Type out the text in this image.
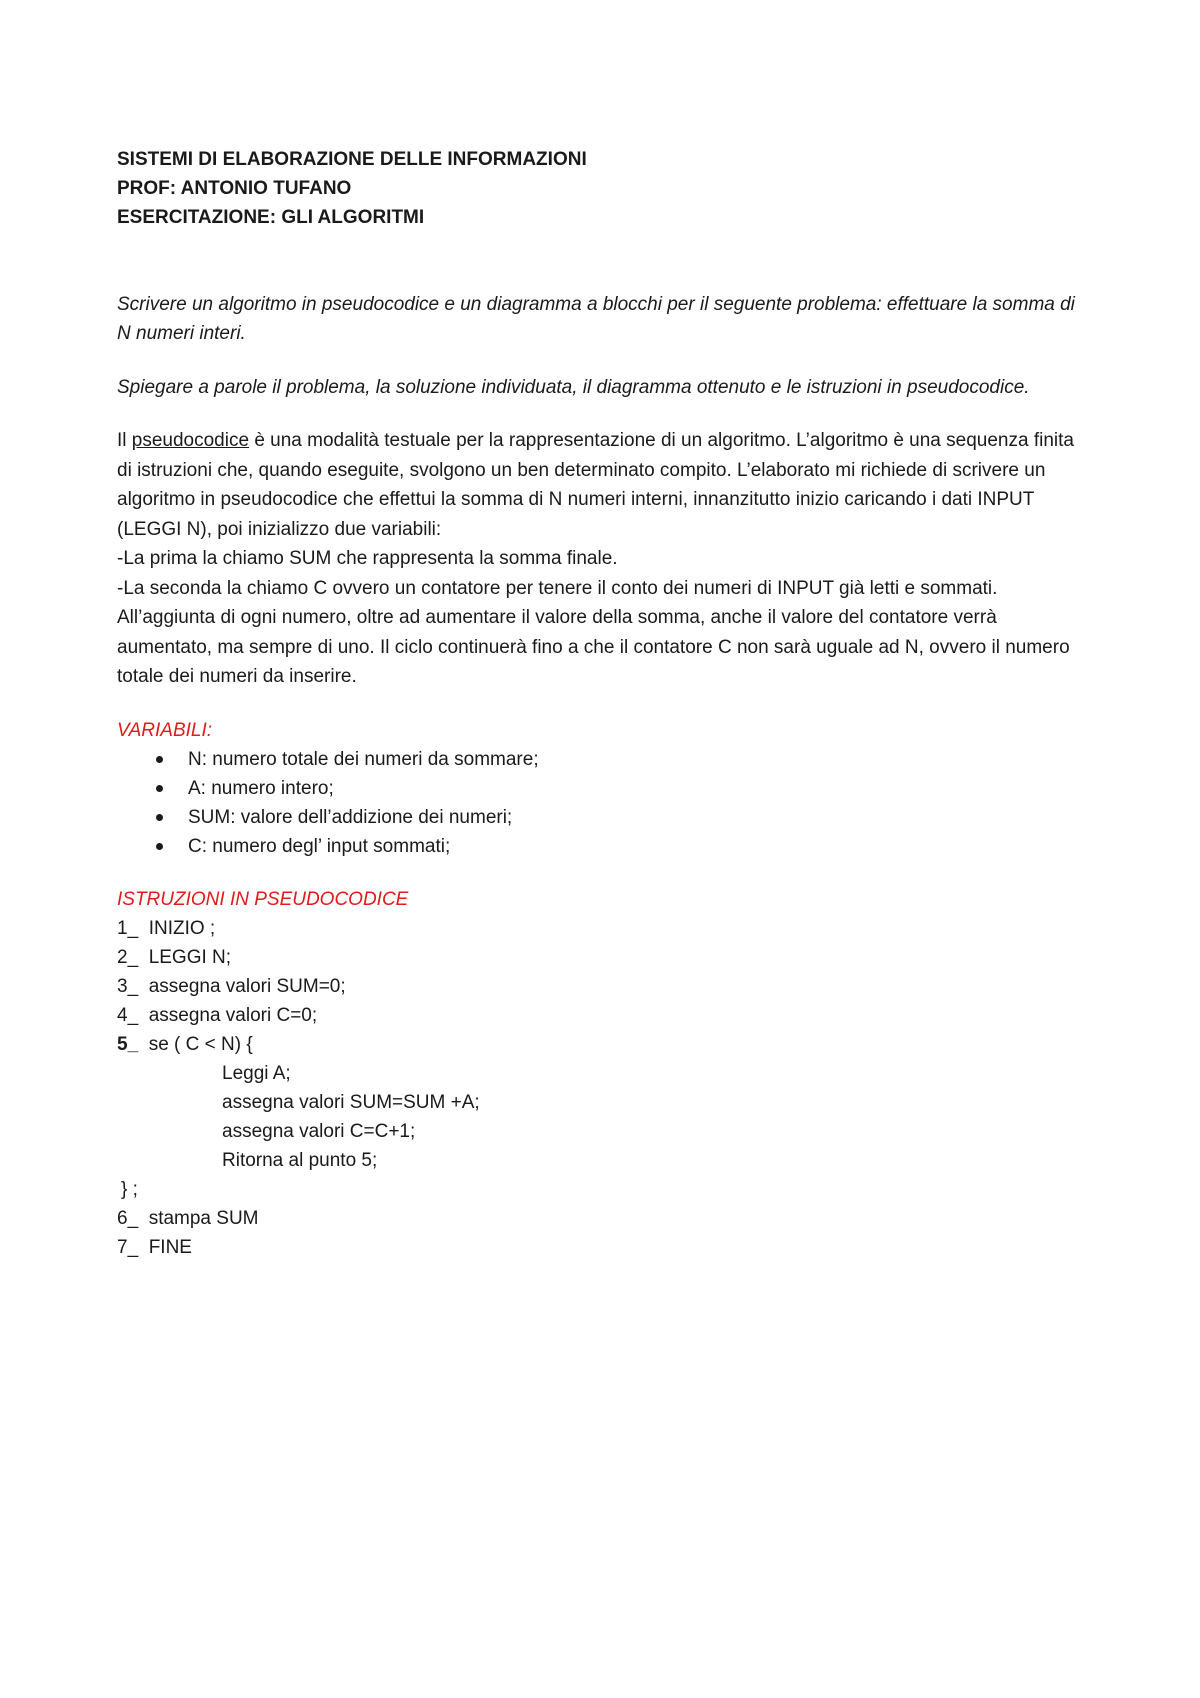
SISTEMI DI ELABORAZIONE DELLE INFORMAZIONI

PROF: ANTONIO TUFANO

ESERCITAZIONE: GLI ALGORITMI

Scrivere un algoritmo in pseudocodice e un diagramma a blocchi per il seguente problema: effettuare la somma di N numeri interi.

Spiegare a parole il problema, la soluzione individuata, il diagramma ottenuto e le istruzioni in pseudocodice.

Il pseudocodice è una modalità testuale per la rappresentazione di un algoritmo. L’algoritmo è una sequenza finita di istruzioni che, quando eseguite, svolgono un ben determinato compito. L’elaborato mi richiede di scrivere un algoritmo in pseudocodice che effettui la somma di N numeri interni, innanzitutto inizio caricando i dati INPUT (LEGGI N), poi inizializzo due variabili:

-La prima la chiamo SUM che rappresenta la somma finale.

-La seconda la chiamo C ovvero un contatore per tenere il conto dei numeri di INPUT già letti e sommati.

All’aggiunta di ogni numero, oltre ad aumentare il valore della somma, anche il valore del contatore verrà aumentato, ma sempre di uno. Il ciclo continuerà fino a che il contatore C non sarà uguale ad N, ovvero il numero totale dei numeri da inserire.

VARIABILI:

N: numero totale dei numeri da sommare;
A: numero intero;
SUM: valore dell’addizione dei numeri;
C: numero degl’ input sommati;

ISTRUZIONI IN PSEUDOCODICE

1_  INIZIO ;
2_  LEGGI N;
3_  assegna valori SUM=0;
4_  assegna valori C=0;
5_ se ( C < N) {
Leggi A;
assegna valori SUM=SUM +A;
assegna valori C=C+1;
Ritorna al punto 5;
} ;
6_  stampa SUM
7_  FINE
